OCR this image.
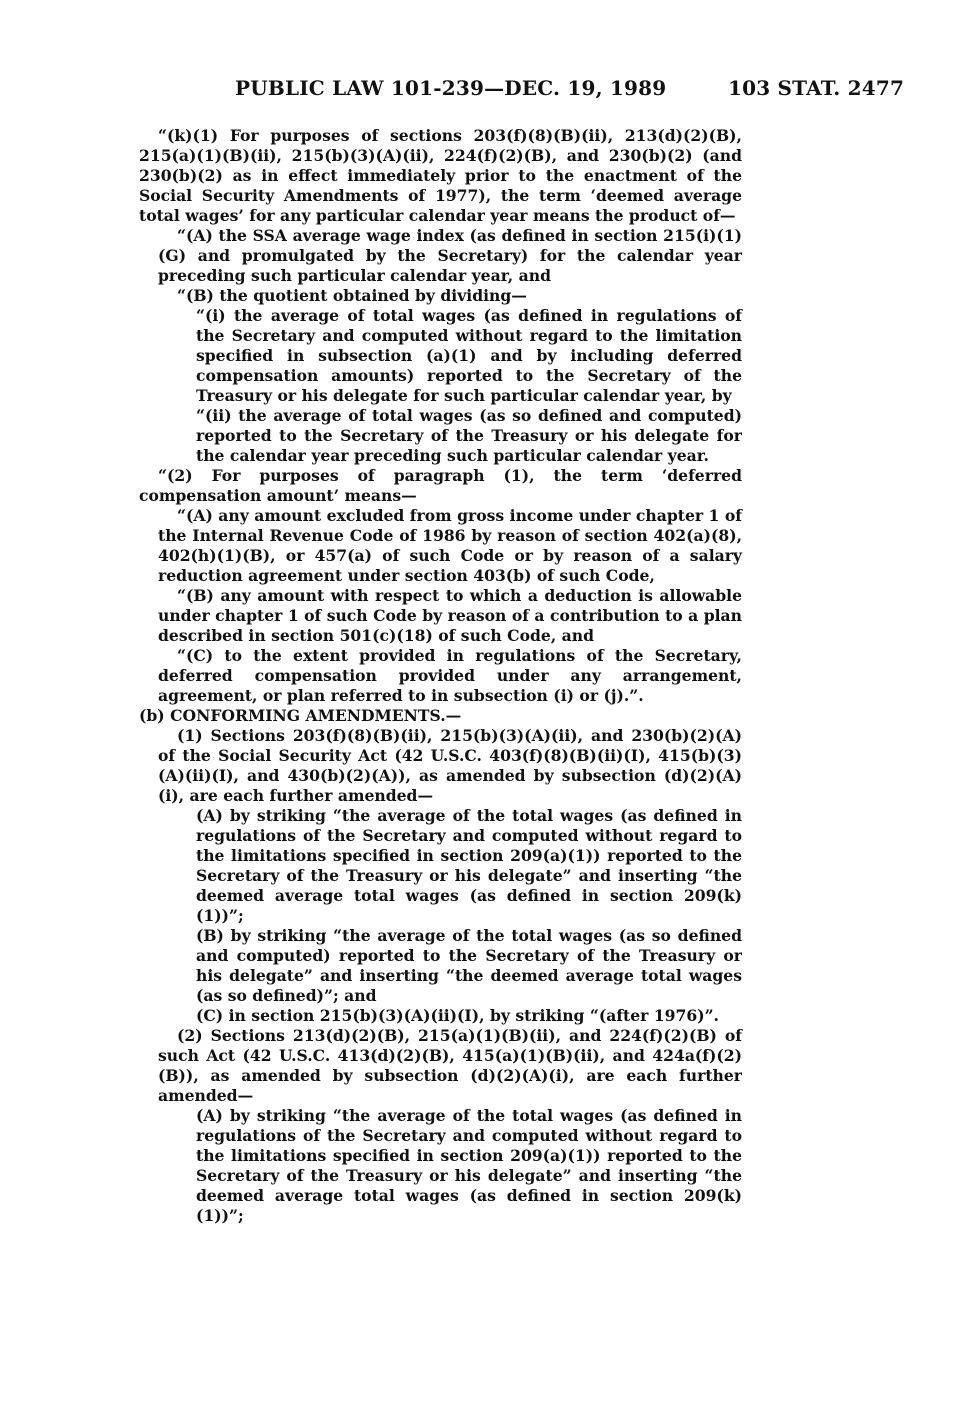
PUBLIC LAW 101-239—DEC. 19, 1989	103 STAT. 2477

“(k)(1) For purposes of sections 203(f)(8)(B)(ii), 213(d)(2)(B), 215(a)(1)(B)(ii), 215(b)(3)(A)(ii), 224(f)(2)(B), and 230(b)(2) (and 230(b)(2) as in effect immediately prior to the enactment of the Social Security Amendments of 1977), the term ‘deemed average total wages’ for any particular calendar year means the product of—

“(A) the SSA average wage index (as defined in section 215(i)(1)(G) and promulgated by the Secretary) for the calendar year preceding such particular calendar year, and

“(B) the quotient obtained by dividing—

“(i) the average of total wages (as defined in regulations of the Secretary and computed without regard to the limitation specified in subsection (a)(1) and by including deferred compensation amounts) reported to the Secretary of the Treasury or his delegate for such particular calendar year, by

“(ii) the average of total wages (as so defined and computed) reported to the Secretary of the Treasury or his delegate for the calendar year preceding such particular calendar year.

“(2) For purposes of paragraph (1), the term ‘deferred compensation amount’ means—

“(A) any amount excluded from gross income under chapter 1 of the Internal Revenue Code of 1986 by reason of section 402(a)(8), 402(h)(1)(B), or 457(a) of such Code or by reason of a salary reduction agreement under section 403(b) of such Code,

“(B) any amount with respect to which a deduction is allowable under chapter 1 of such Code by reason of a contribution to a plan described in section 501(c)(18) of such Code, and

“(C) to the extent provided in regulations of the Secretary, deferred compensation provided under any arrangement, agreement, or plan referred to in subsection (i) or (j).”.

(b) CONFORMING AMENDMENTS.—

(1) Sections 203(f)(8)(B)(ii), 215(b)(3)(A)(ii), and 230(b)(2)(A) of the Social Security Act (42 U.S.C. 403(f)(8)(B)(ii)(I), 415(b)(3)(A)(ii)(I), and 430(b)(2)(A)), as amended by subsection (d)(2)(A)(i), are each further amended—

(A) by striking “the average of the total wages (as defined in regulations of the Secretary and computed without regard to the limitations specified in section 209(a)(1)) reported to the Secretary of the Treasury or his delegate” and inserting “the deemed average total wages (as defined in section 209(k)(1))”;

(B) by striking “the average of the total wages (as so defined and computed) reported to the Secretary of the Treasury or his delegate” and inserting “the deemed average total wages (as so defined)”; and

(C) in section 215(b)(3)(A)(ii)(I), by striking “(after 1976)”.

(2) Sections 213(d)(2)(B), 215(a)(1)(B)(ii), and 224(f)(2)(B) of such Act (42 U.S.C. 413(d)(2)(B), 415(a)(1)(B)(ii), and 424a(f)(2)(B)), as amended by subsection (d)(2)(A)(i), are each further amended—

(A) by striking “the average of the total wages (as defined in regulations of the Secretary and computed without regard to the limitations specified in section 209(a)(1)) reported to the Secretary of the Treasury or his delegate” and inserting “the deemed average total wages (as defined in section 209(k)(1))”;
